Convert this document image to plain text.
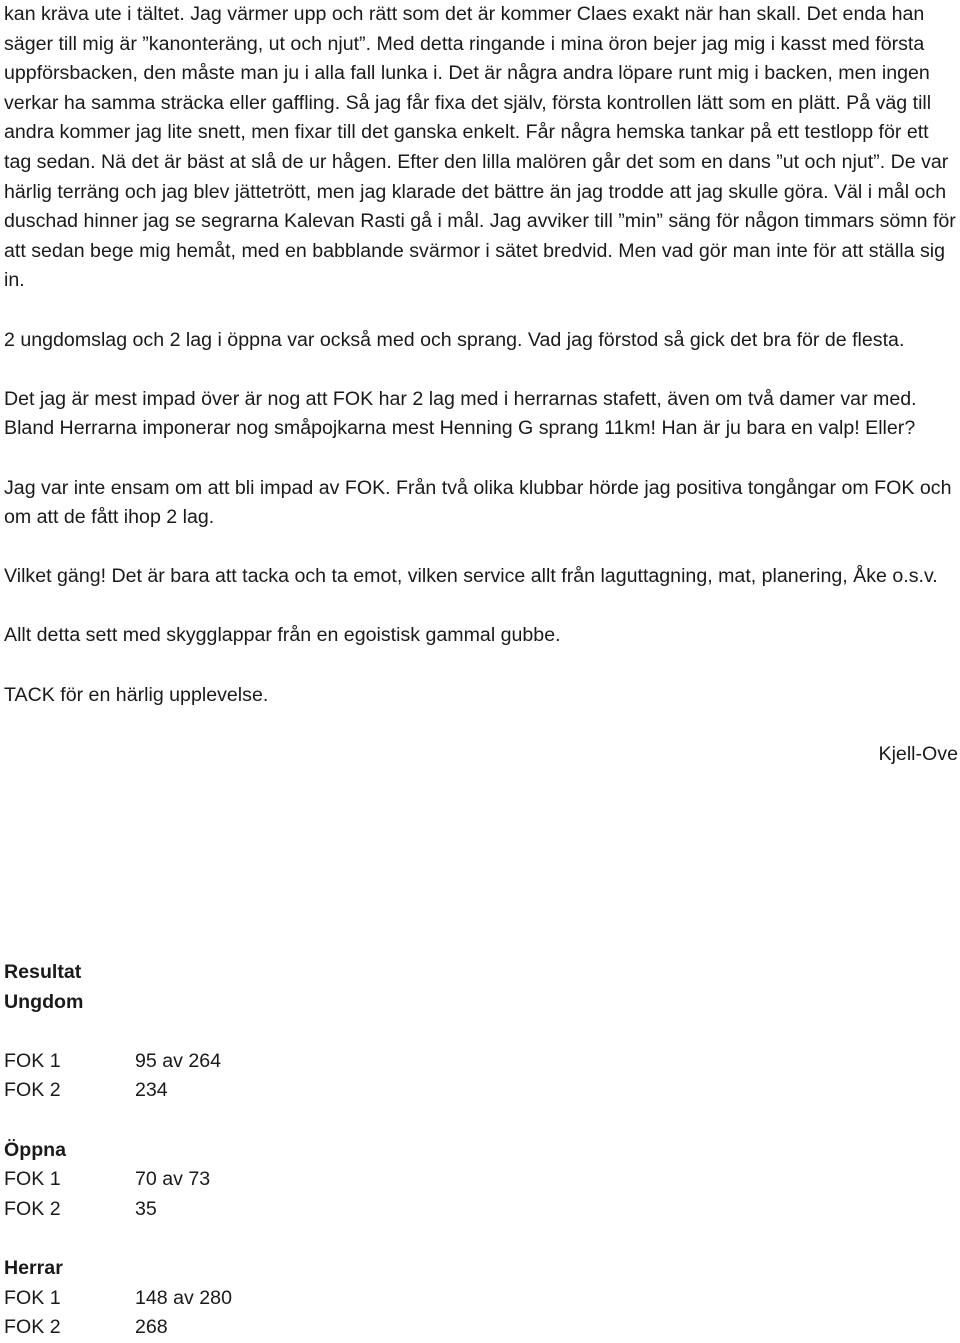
kan kräva ute i tältet. Jag värmer upp och rätt som det är kommer Claes exakt när han skall. Det enda han säger till mig är ”kanonteräng, ut och njut”. Med detta ringande i mina öron bejer jag mig i kasst med första uppförsbacken, den måste man ju i alla fall lunka i. Det är några andra löpare runt mig i backen, men ingen verkar ha samma sträcka eller gaffling. Så jag får fixa det själv, första kontrollen lätt som en plätt. På väg till andra kommer jag lite snett, men fixar till det ganska enkelt. Får några hemska tankar på ett testlopp för ett tag sedan. Nä det är bäst at slå de ur hågen. Efter den lilla malören går det som en dans ”ut och njut”. De var härlig terräng och jag blev jättetrött, men jag klarade det bättre än jag trodde att jag skulle göra. Väl i mål och duschad hinner jag se segrarna Kalevan Rasti gå i mål. Jag avviker till ”min” säng för någon timmars sömn för att sedan bege mig hemåt, med en babblande svärmor i sätet bredvid. Men vad gör man inte för att ställa sig in.

2 ungdomslag och 2 lag i öppna var också med och sprang. Vad jag förstod så gick det bra för de flesta.

Det jag är mest impad över är nog att FOK har 2 lag med i herrarnas stafett, även om två damer var med. Bland Herrarna imponerar nog småpojkarna mest Henning G sprang 11km! Han är ju bara en valp! Eller?

Jag var inte ensam om att bli impad av FOK. Från två olika klubbar hörde jag positiva tongångar om FOK och om att de fått ihop 2 lag.

Vilket gäng! Det är bara att tacka och ta emot, vilken service allt från laguttagning, mat, planering, Åke o.s.v.

Allt detta sett med skygglappar från en egoistisk gammal gubbe.

TACK för en härlig upplevelse.

Kjell-Ove

Resultat

Ungdom

FOK 1	95 av 264
FOK 2	234

Öppna

FOK 1	70 av 73
FOK 2	35

Herrar

FOK 1	148 av 280
FOK 2	268
